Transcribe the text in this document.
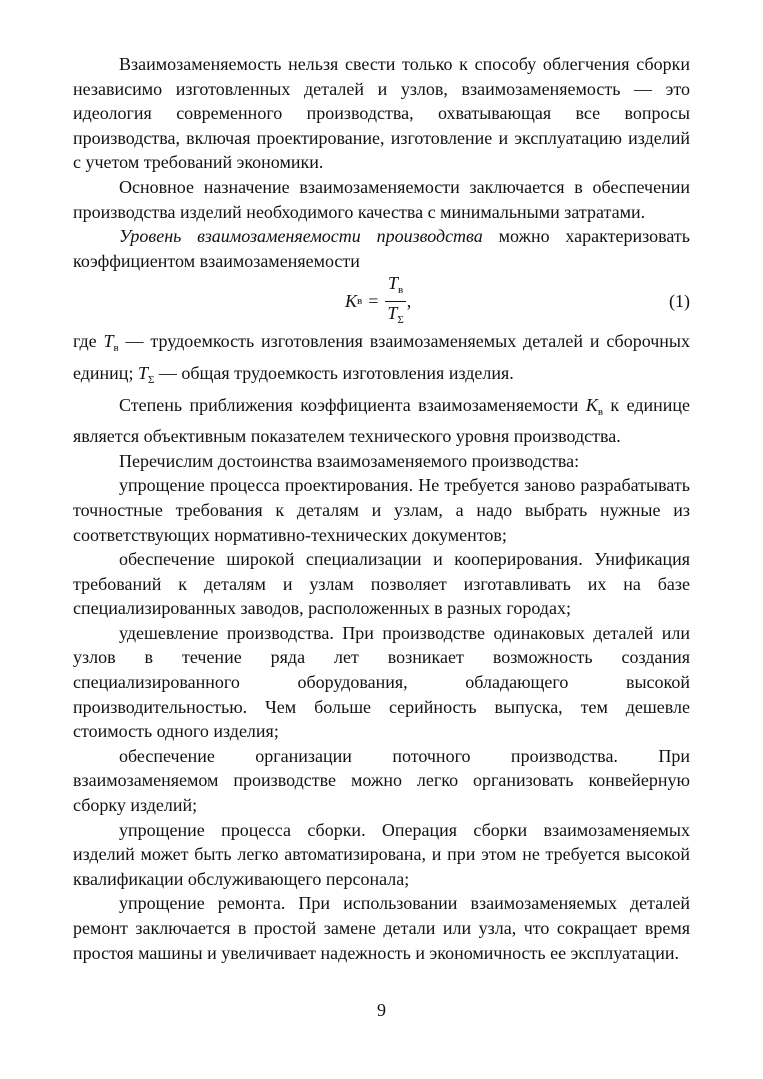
Взаимозаменяемость нельзя свести только к способу облегчения сборки независимо изготовленных деталей и узлов, взаимозаменяемость — это идеология современного производства, охватывающая все вопросы производства, включая проектирование, изготовление и эксплуатацию изделий с учетом требований экономики.

Основное назначение взаимозаменяемости заключается в обеспечении производства изделий необходимого качества с минимальными затратами.

Уровень взаимозаменяемости производства можно характеризовать коэффициентом взаимозаменяемости

K $в = \frac{T_в}{T_\Sigma}$ ,	(1)

где $T_в$ — трудоемкость изготовления взаимозаменяемых деталей и сборочных единиц; $T_\Sigma$ — общая трудоемкость изготовления изделия.

Степень приближения коэффициента взаимозаменяемости $K_в$ к единице является объективным показателем технического уровня производства.

Перечислим достоинства взаимозаменяемого производства:

упрощение процесса проектирования. Не требуется заново разрабатывать точностные требования к деталям и узлам, а надо выбрать нужные из соответствующих нормативно-технических документов;

обеспечение широкой специализации и кооперирования. Унификация требований к деталям и узлам позволяет изготавливать их на базе специализированных заводов, расположенных в разных городах;

удешевление производства. При производстве одинаковых деталей или узлов в течение ряда лет возникает возможность создания специализированного оборудования, обладающего высокой производительностью. Чем больше серийность выпуска, тем дешевле стоимость одного изделия;

обеспечение организации поточного производства. При взаимозаменяемом производстве можно легко организовать конвейерную сборку изделий;

упрощение процесса сборки. Операция сборки взаимозаменяемых изделий может быть легко автоматизирована, и при этом не требуется высокой квалификации обслуживающего персонала;

упрощение ремонта. При использовании взаимозаменяемых деталей ремонт заключается в простой замене детали или узла, что сокращает время простоя машины и увеличивает надежность и экономичность ее эксплуатации.

9
